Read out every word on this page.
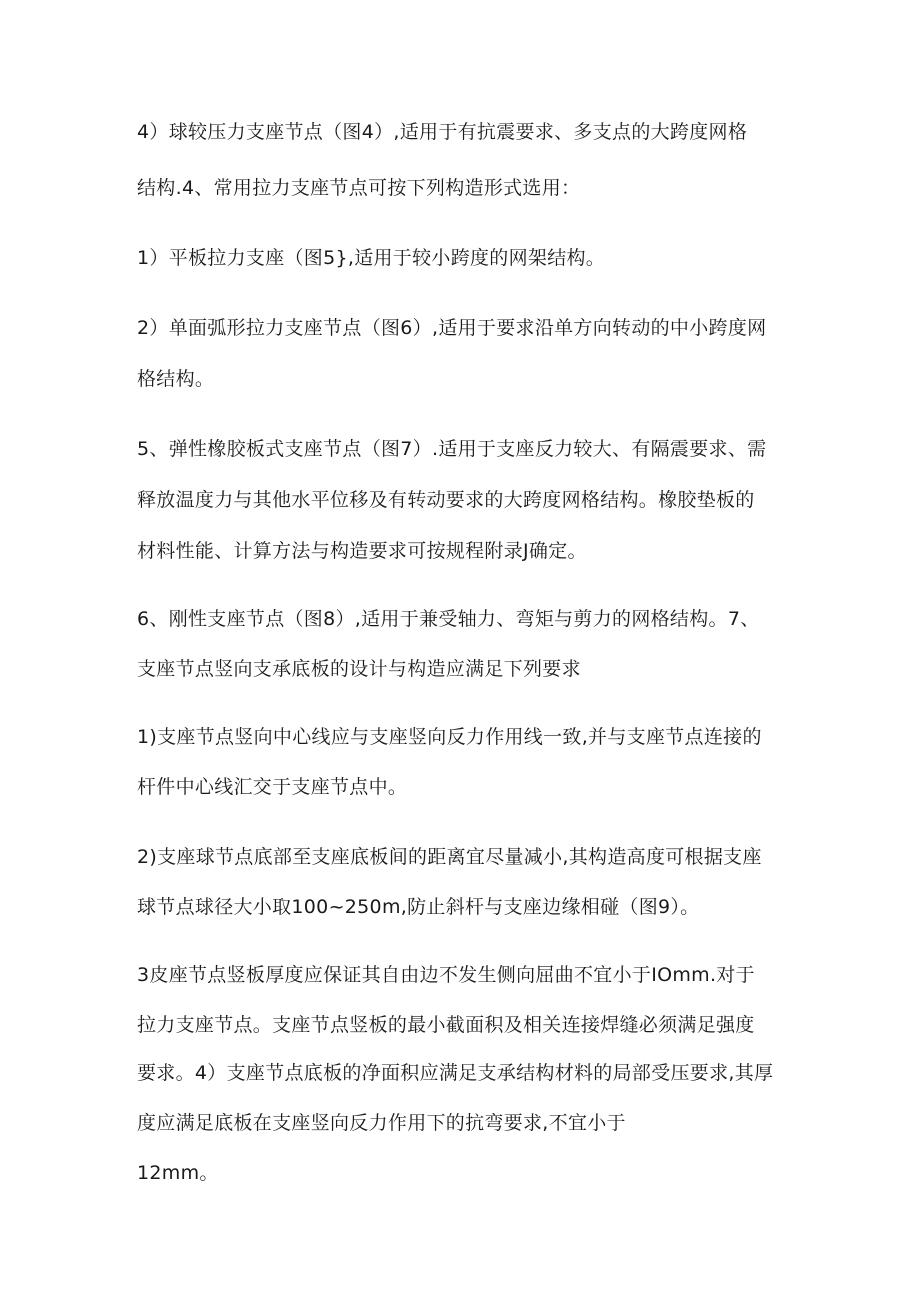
4）球较压力支座节点（图4）,适用于有抗震要求、多支点的大跨度网格
结构.4、常用拉力支座节点可按下列构造形式选用：
1）平板拉力支座（图5},适用于较小跨度的网架结构。
2）单面弧形拉力支座节点（图6）,适用于要求沿单方向转动的中小跨度网
格结构。
5、弹性橡胶板式支座节点（图7）.适用于支座反力较大、有隔震要求、需
释放温度力与其他水平位移及有转动要求的大跨度网格结构。橡胶垫板的
材料性能、计算方法与构造要求可按规程附录J确定。
6、刚性支座节点（图8）,适用于兼受轴力、弯矩与剪力的网格结构。7、
支座节点竖向支承底板的设计与构造应满足下列要求
1)支座节点竖向中心线应与支座竖向反力作用线一致,并与支座节点连接的
杆件中心线汇交于支座节点中。
2)支座球节点底部至支座底板间的距离宜尽量减小,其构造高度可根据支座
球节点球径大小取100~250m,防止斜杆与支座边缘相碰（图9）。
3皮座节点竖板厚度应保证其自由边不发生侧向屈曲不宜小于IOmm.对于
拉力支座节点。支座节点竖板的最小截面积及相关连接焊缝必须满足强度
要求。4）支座节点底板的净面积应满足支承结构材料的局部受压要求,其厚
度应满足底板在支座竖向反力作用下的抗弯要求,不宜小于
12mm。
